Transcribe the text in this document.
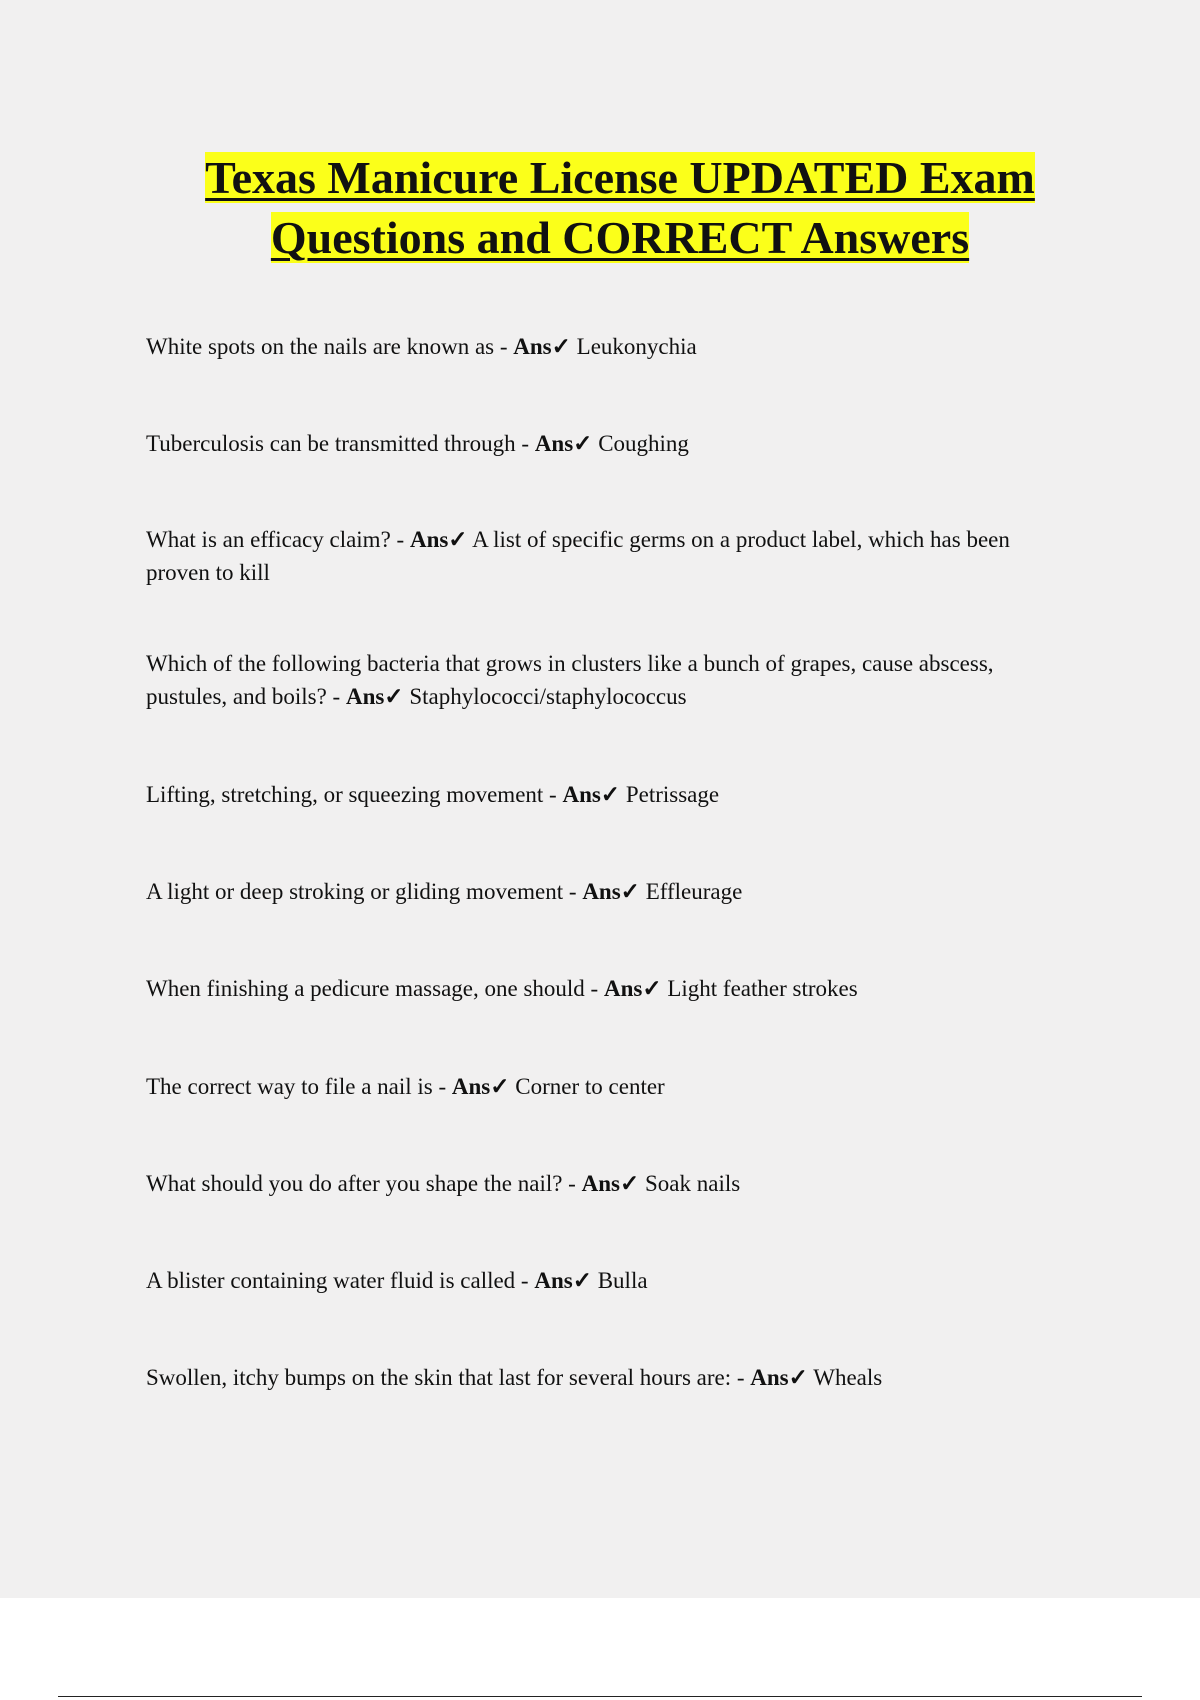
Texas Manicure License UPDATED Exam Questions and CORRECT Answers

White spots on the nails are known as - Ans✓ Leukonychia

Tuberculosis can be transmitted through - Ans✓ Coughing

What is an efficacy claim? - Ans✓ A list of specific germs on a product label, which has been proven to kill

Which of the following bacteria that grows in clusters like a bunch of grapes, cause abscess, pustules, and boils? - Ans✓ Staphylococci/staphylococcus

Lifting, stretching, or squeezing movement - Ans✓ Petrissage

A light or deep stroking or gliding movement - Ans✓ Effleurage

When finishing a pedicure massage, one should - Ans✓ Light feather strokes

The correct way to file a nail is - Ans✓ Corner to center

What should you do after you shape the nail? - Ans✓ Soak nails

A blister containing water fluid is called - Ans✓ Bulla

Swollen, itchy bumps on the skin that last for several hours are: - Ans✓ Wheals
